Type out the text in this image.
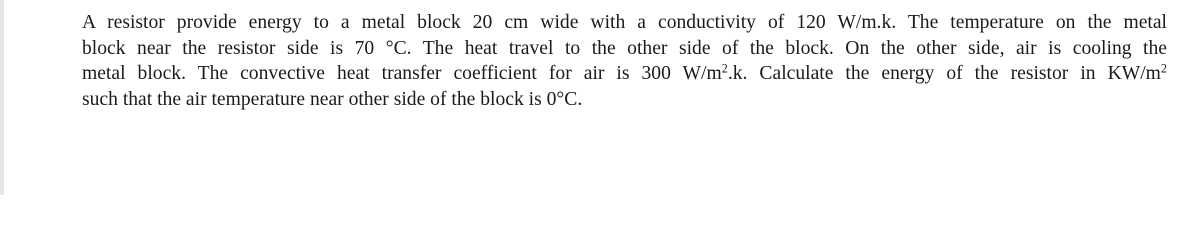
A resistor provide energy to a metal block 20 cm wide with a conductivity of 120 W/m.k. The temperature on the metal
block near the resistor side is 70 °C. The heat travel to the other side of the block. On the other side, air is cooling the
metal block. The convective heat transfer coefficient for air is 300 $W/m^2.k$. Calculate the energy of the resistor in $KW/m^2$
such that the air temperature near other side of the block is 0°C.
